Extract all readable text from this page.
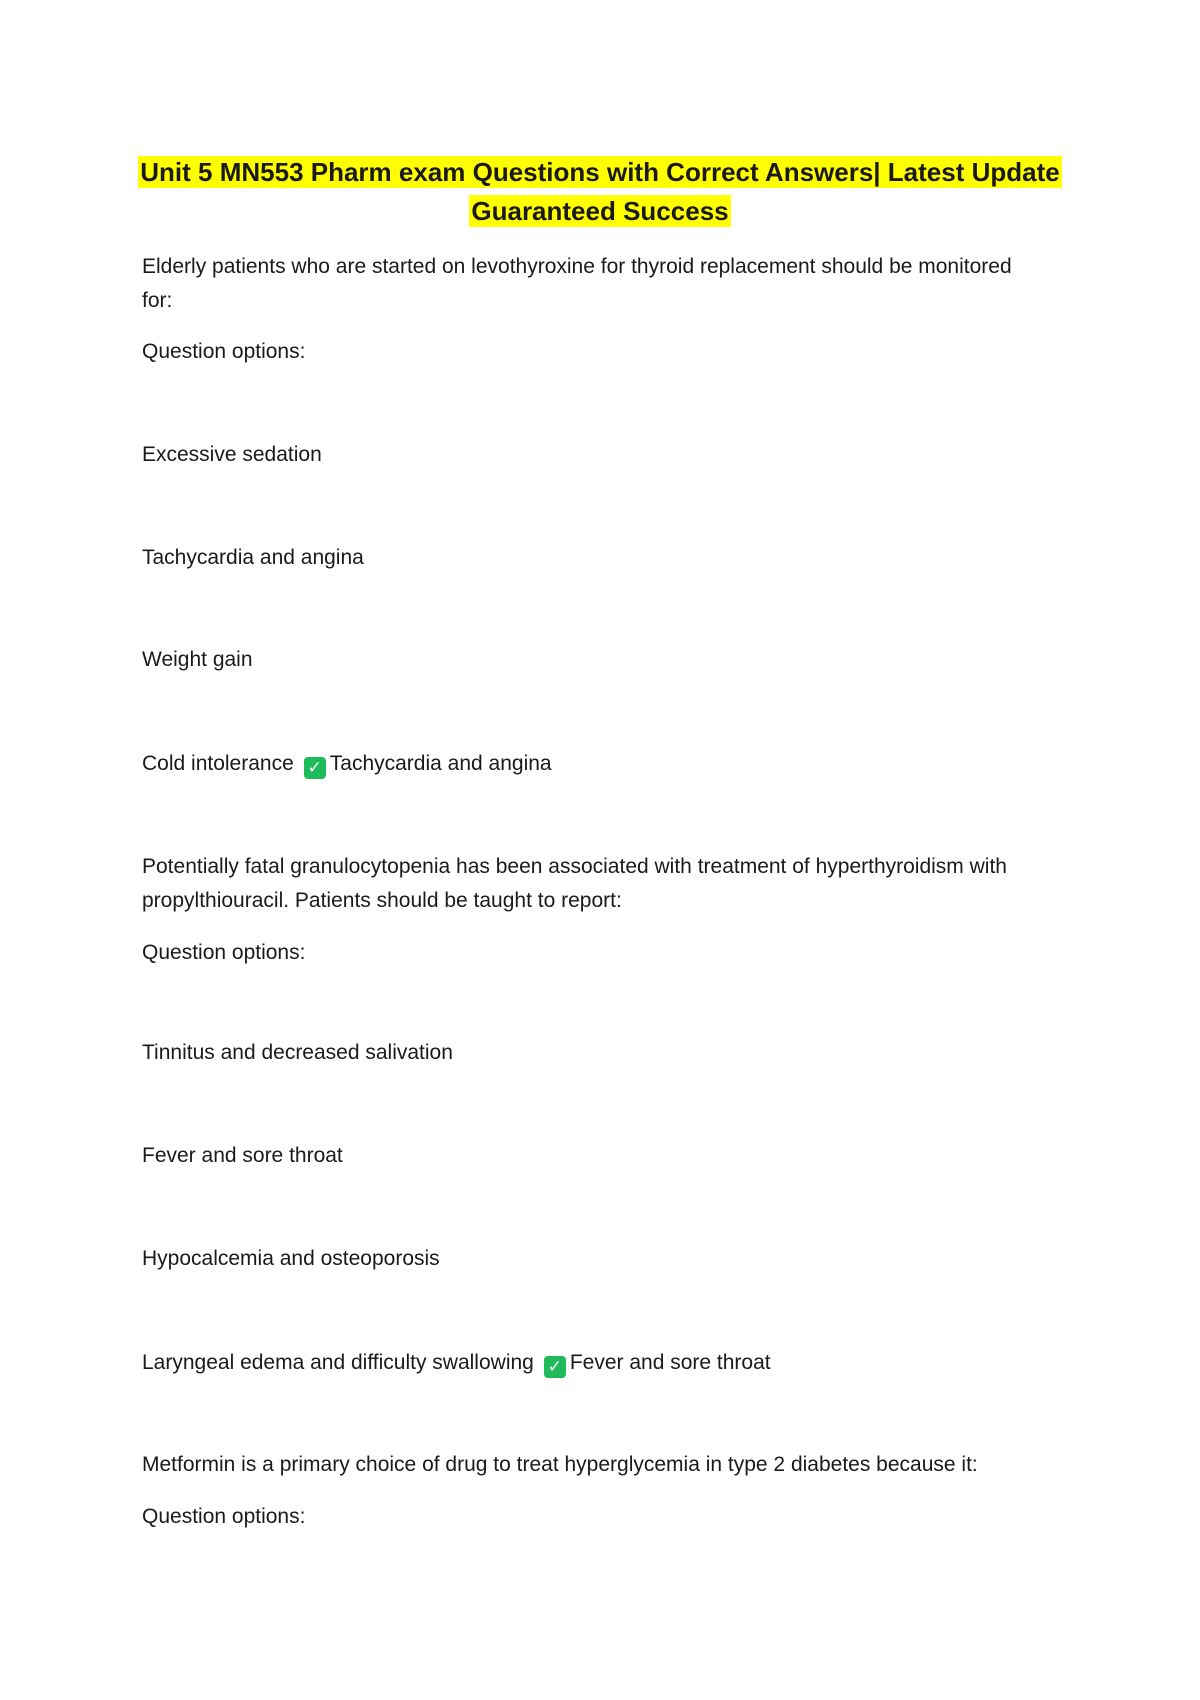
Unit 5 MN553 Pharm exam Questions with Correct Answers| Latest Update
Guaranteed Success
Elderly patients who are started on levothyroxine for thyroid replacement should be monitored
for:
Question options:
Excessive sedation
Tachycardia and angina
Weight gain
Cold intolerance ✓ Tachycardia and angina
Potentially fatal granulocytopenia has been associated with treatment of hyperthyroidism with
propylthiouracil. Patients should be taught to report:
Question options:
Tinnitus and decreased salivation
Fever and sore throat
Hypocalcemia and osteoporosis
Laryngeal edema and difficulty swallowing ✓ Fever and sore throat
Metformin is a primary choice of drug to treat hyperglycemia in type 2 diabetes because it:
Question options:
